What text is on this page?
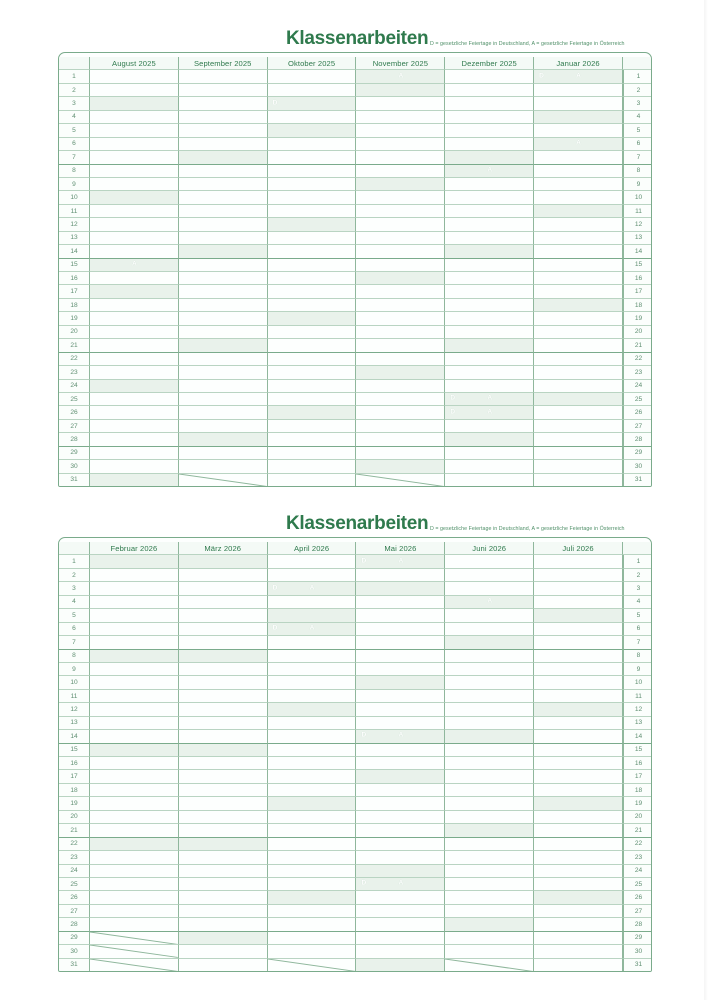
Klassenarbeiten D = gesetzliche Feiertage in Deutschland, A = gesetzliche Feiertage in Österreich
	August 2025	September 2025	Oktober 2025	November 2025	Dezember 2025	Januar 2026	
1				A		D A	1
2							2
3			D				3
4							4
5							5
6						A	6
7							7
8					A		8
9							9
10							10
11							11
12							12
13							13
14							14
15	A						15
16							16
17							17
18							18
19							19
20							20
21							21
22							22
23							23
24							24
25					D A		25
26					D A		26
27							27
28							28
29							29
30							30
31							31
Klassenarbeiten D = gesetzliche Feiertage in Deutschland, A = gesetzliche Feiertage in Österreich
	Februar 2026	März 2026	April 2026	Mai 2026	Juni 2026	Juli 2026	
1				D A			1
2							2
3			D A				3
4					A		4
5							5
6			D A				6
7							7
8							8
9							9
10							10
11							11
12							12
13							13
14				D A			14
15							15
16							16
17							17
18							18
19							19
20							20
21							21
22							22
23							23
24							24
25				D A			25
26							26
27							27
28							28
29							29
30							30
31							31
